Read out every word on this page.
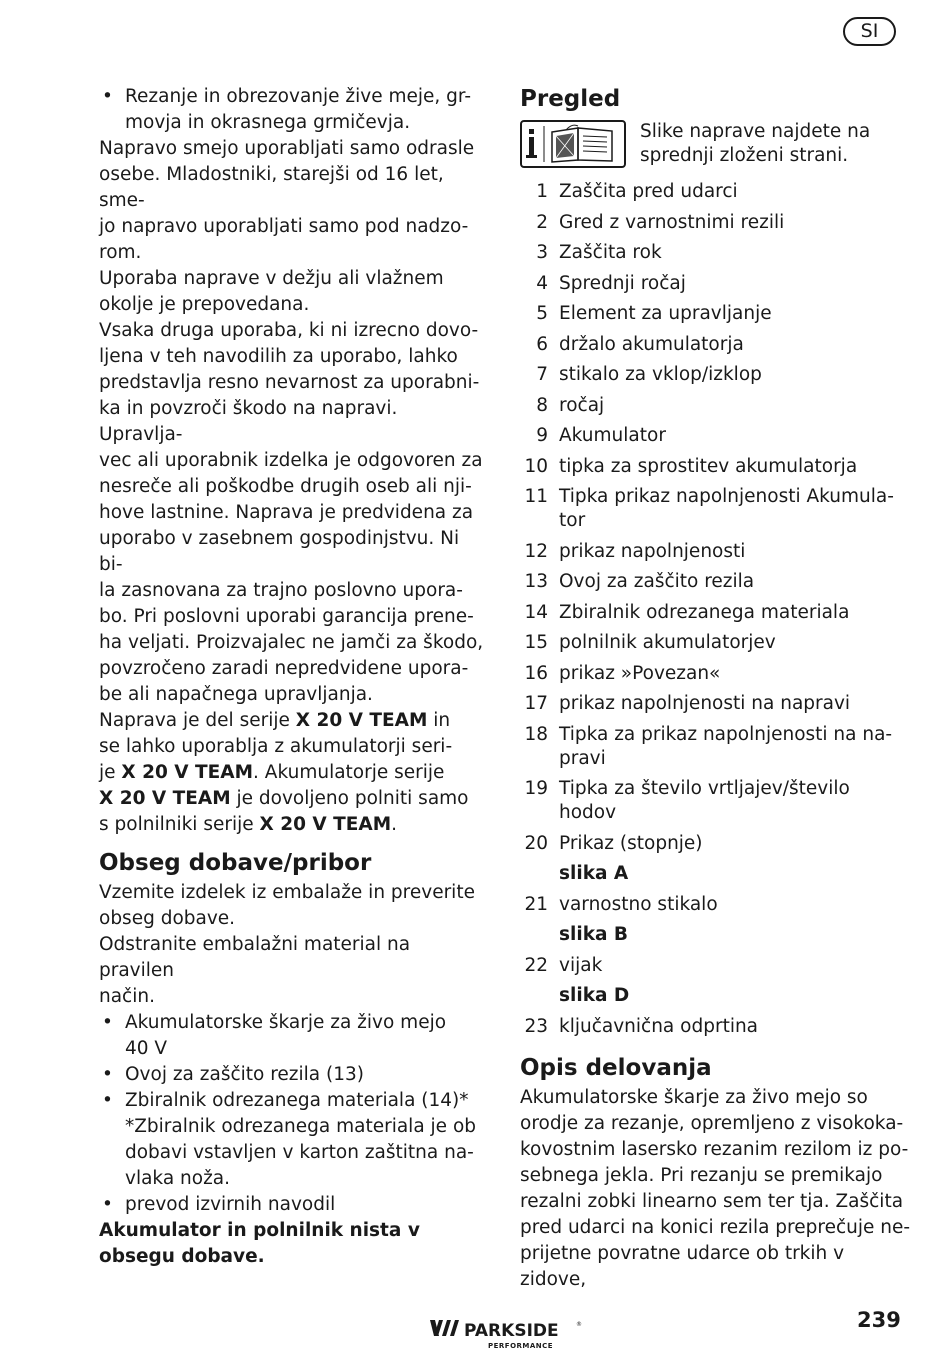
SI
• Rezanje in obrezovanje žive meje, gr-
movja in okrasnega grmičevja.
Napravo smejo uporabljati samo odrasle
osebe. Mladostniki, starejši od 16 let, sme-
jo napravo uporabljati samo pod nadzo-
rom.
Uporaba naprave v dežju ali vlažnem
okolje je prepovedana.
Vsaka druga uporaba, ki ni izrecno dovo-
ljena v teh navodilih za uporabo, lahko
predstavlja resno nevarnost za uporabni-
ka in povzroči škodo na napravi. Upravlja-
vec ali uporabnik izdelka je odgovoren za
nesreče ali poškodbe drugih oseb ali nji-
hove lastnine. Naprava je predvidena za
uporabo v zasebnem gospodinjstvu. Ni bi-
la zasnovana za trajno poslovno upora-
bo. Pri poslovni uporabi garancija prene-
ha veljati. Proizvajalec ne jamči za škodo,
povzročeno zaradi nepredvidene upora-
be ali napačnega upravljanja.
Naprava je del serije X 20 V TEAM in
se lahko uporablja z akumulatorji seri-
je X 20 V TEAM. Akumulatorje serije
X 20 V TEAM je dovoljeno polniti samo
s polnilniki serije X 20 V TEAM.
Obseg dobave/pribor
Vzemite izdelek iz embalaže in preverite
obseg dobave.
Odstranite embalažni material na pravilen
način.
• Akumulatorske škarje za živo mejo
40 V
• Ovoj za zaščito rezila (13)
• Zbiralnik odrezanega materiala (14)*
*Zbiralnik odrezanega materiala je ob
dobavi vstavljen v karton zaštitna na-
vlaka noža.
• prevod izvirnih navodil
Akumulator in polnilnik nista v
obsegu dobave.
Pregled
Slike naprave najdete na
sprednji zloženi strani.
1 Zaščita pred udarci
2 Gred z varnostnimi rezili
3 Zaščita rok
4 Sprednji ročaj
5 Element za upravljanje
6 držalo akumulatorja
7 stikalo za vklop/izklop
8 ročaj
9 Akumulator
10 tipka za sprostitev akumulatorja
11 Tipka prikaz napolnjenosti Akumula-
tor
12 prikaz napolnjenosti
13 Ovoj za zaščito rezila
14 Zbiralnik odrezanega materiala
15 polnilnik akumulatorjev
16 prikaz »Povezan«
17 prikaz napolnjenosti na napravi
18 Tipka za prikaz napolnjenosti na na-
pravi
19 Tipka za število vrtljajev/število hodov
20 Prikaz (stopnje)
slika A
21 varnostno stikalo
slika B
22 vijak
slika D
23 ključavnična odprtina
Opis delovanja
Akumulatorske škarje za živo mejo so
orodje za rezanje, opremljeno z visokoka-
kovostnim lasersko rezanim rezilom iz po-
sebnega jekla. Pri rezanju se premikajo
rezalni zobki linearno sem ter tja. Zaščita
pred udarci na konici rezila preprečuje ne-
prijetne povratne udarce ob trkih v zidove,
PARKSIDE	®
PERFORMANCE
239
